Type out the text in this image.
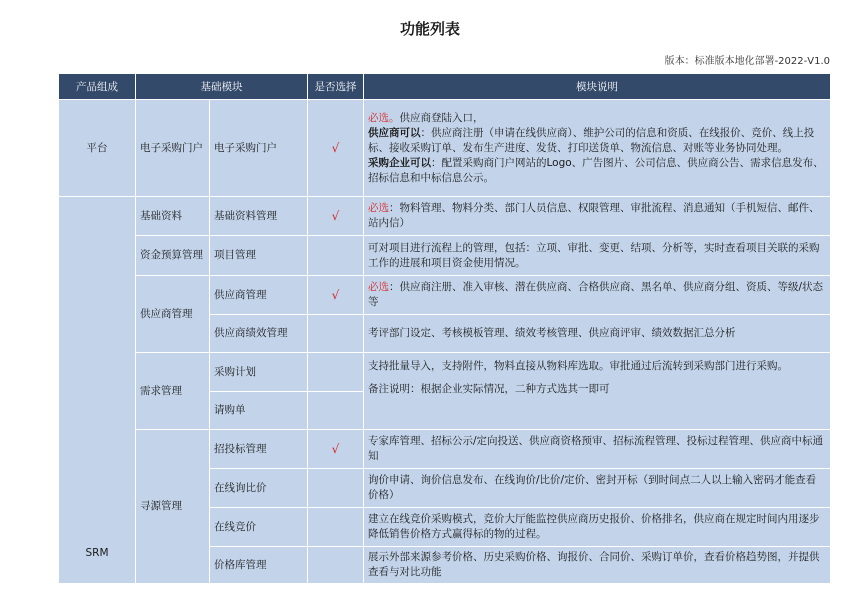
功能列表
版本：标准版本地化部署-2022-V1.0
产品组成	基础模块		是否选择	模块说明
平台	电子采购门户	电子采购门户	√	必选。供应商登陆入口，
供应商可以：供应商注册（申请在线供应商）、维护公司的信息和资质、在线报价、竞价、线上投标、接收采购订单、发布生产进度、发货、打印送货单、物流信息、对账等业务协同处理。
采购企业可以：配置采购商门户网站的Logo、广告图片、公司信息、供应商公告、需求信息发布、招标信息和中标信息公示。
SRM	基础资料	基础资料管理	√	必选：物料管理、物料分类、部门人员信息、权限管理、审批流程、消息通知（手机短信、邮件、站内信）
	资金预算管理	项目管理		可对项目进行流程上的管理，包括：立项、审批、变更、结项、分析等，实时查看项目关联的采购工作的进展和项目资金使用情况。
	供应商管理	供应商管理	√	必选：供应商注册、准入审核、潜在供应商、合格供应商、黑名单、供应商分组、资质、等级/状态等
		供应商绩效管理		考评部门设定、考核模板管理、绩效考核管理、供应商评审、绩效数据汇总分析
	需求管理	采购计划		支持批量导入，支持附件，物料直接从物料库选取。审批通过后流转到采购部门进行采购。
备注说明：根据企业实际情况，二种方式选其一即可
		请购单		
	寻源管理	招投标管理	√	专家库管理、招标公示/定向投送、供应商资格预审、招标流程管理、投标过程管理、供应商中标通知
		在线询比价		询价申请、询价信息发布、在线询价/比价/定价、密封开标（到时间点二人以上输入密码才能查看价格）
		在线竞价		建立在线竞价采购模式，竞价大厅能监控供应商历史报价、价格排名，供应商在规定时间内用逐步降低销售价格方式赢得标的物的过程。
		价格库管理		展示外部来源参考价格、历史采购价格、询报价、合同价、采购订单价，查看价格趋势图，并提供查看与对比功能
